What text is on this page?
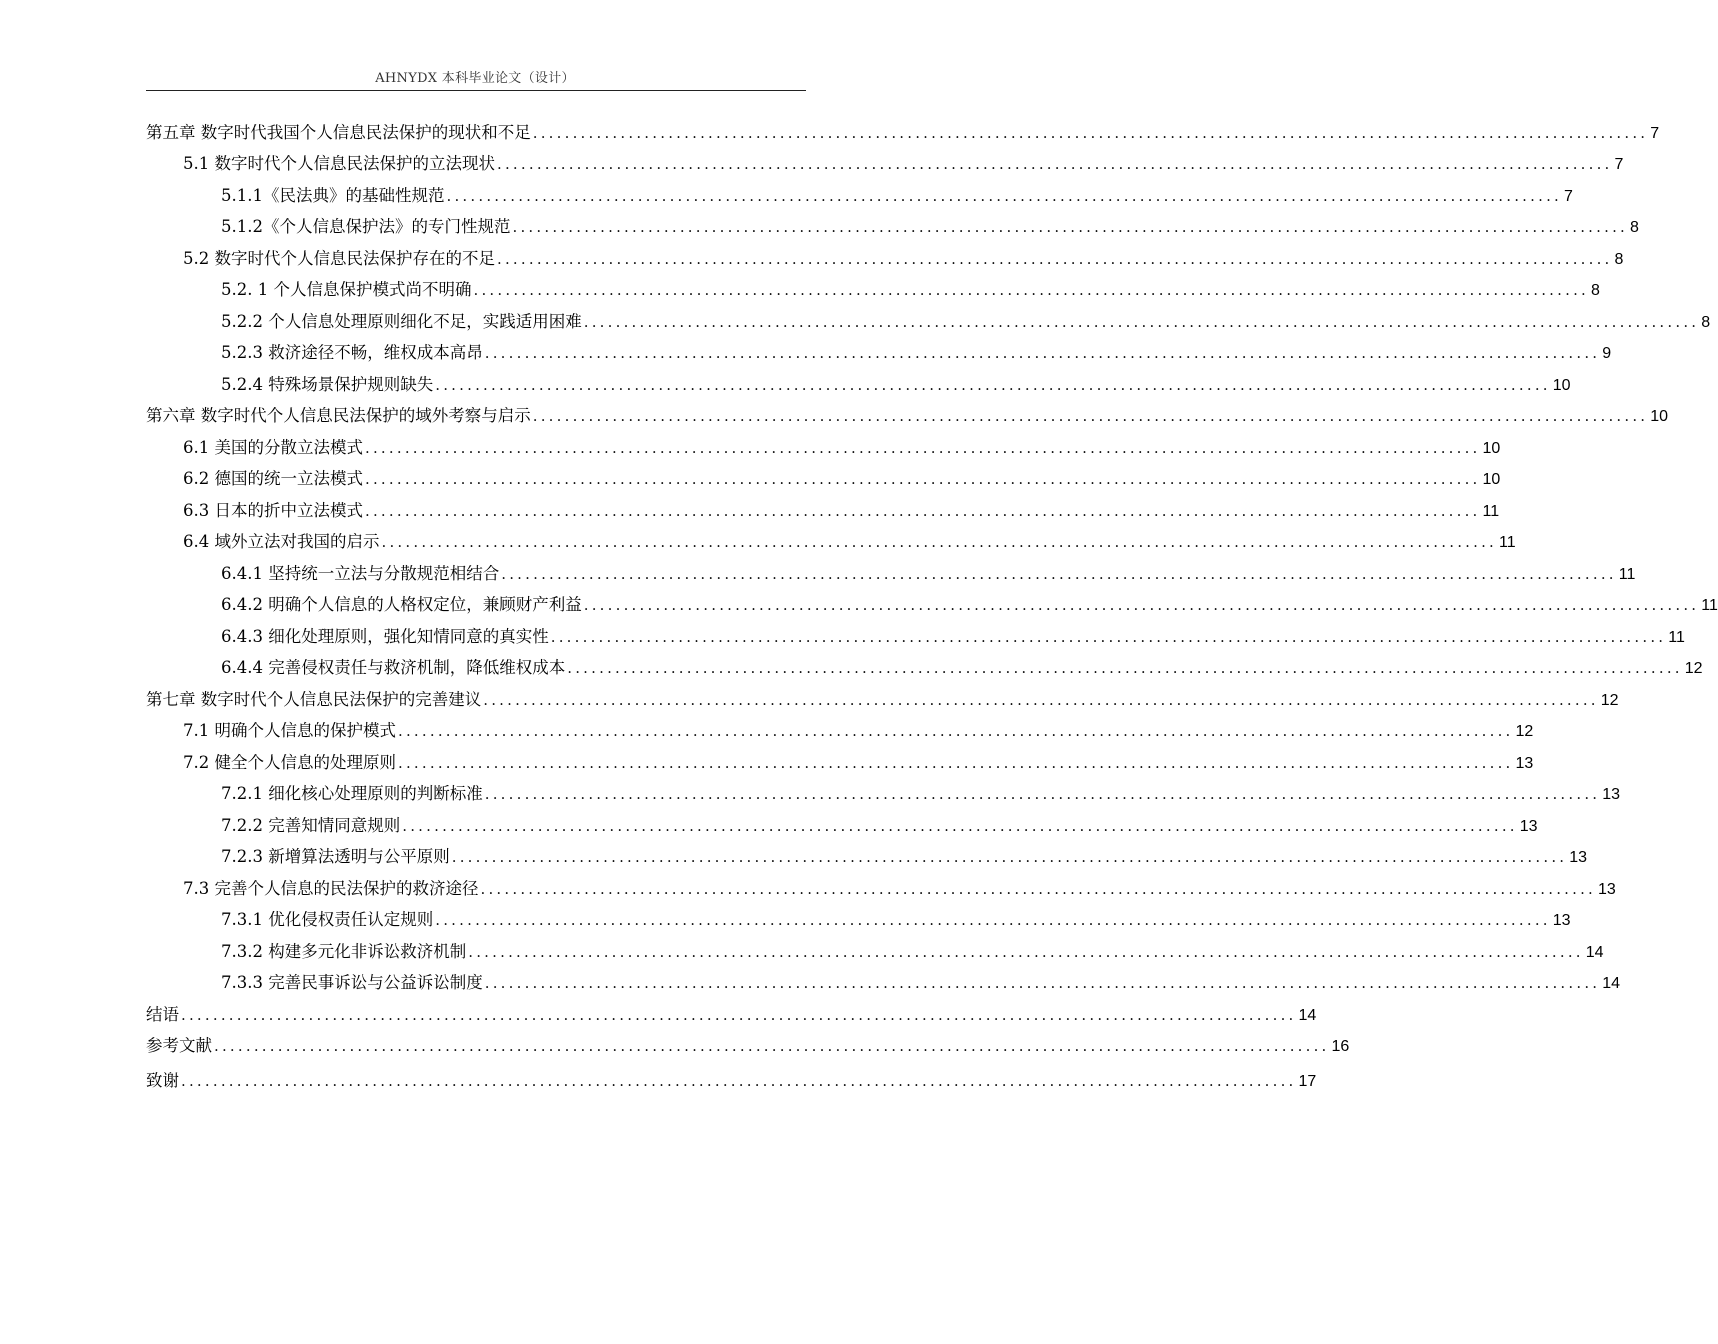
AHNYDX 本科毕业论文（设计）
第五章 数字时代我国个人信息民法保护的现状和不足 ............................................................................................................................................ 7
5.1 数字时代个人信息民法保护的立法现状 ............................................................................................................................................ 7
5.1.1《民法典》的基础性规范 ............................................................................................................................................ 7
5.1.2《个人信息保护法》的专门性规范 ............................................................................................................................................ 8
5.2 数字时代个人信息民法保护存在的不足 ............................................................................................................................................ 8
5.2. 1 个人信息保护模式尚不明确 ............................................................................................................................................ 8
5.2.2 个人信息处理原则细化不足，实践适用困难 ............................................................................................................................................ 8
5.2.3 救济途径不畅，维权成本高昂 ............................................................................................................................................ 9
5.2.4 特殊场景保护规则缺失 ............................................................................................................................................ 10
第六章 数字时代个人信息民法保护的域外考察与启示 ............................................................................................................................................ 10
6.1 美国的分散立法模式 ............................................................................................................................................ 10
6.2 德国的统一立法模式 ............................................................................................................................................ 10
6.3 日本的折中立法模式 ............................................................................................................................................ 11
6.4 域外立法对我国的启示 ............................................................................................................................................ 11
6.4.1 坚持统一立法与分散规范相结合 ............................................................................................................................................ 11
6.4.2 明确个人信息的人格权定位，兼顾财产利益 ............................................................................................................................................ 11
6.4.3 细化处理原则，强化知情同意的真实性 ............................................................................................................................................ 11
6.4.4 完善侵权责任与救济机制，降低维权成本 ............................................................................................................................................ 12
第七章 数字时代个人信息民法保护的完善建议 ............................................................................................................................................ 12
7.1 明确个人信息的保护模式 ............................................................................................................................................ 12
7.2 健全个人信息的处理原则 ............................................................................................................................................ 13
7.2.1 细化核心处理原则的判断标准 ............................................................................................................................................ 13
7.2.2 完善知情同意规则 ............................................................................................................................................ 13
7.2.3 新增算法透明与公平原则 ............................................................................................................................................ 13
7.3 完善个人信息的民法保护的救济途径 ............................................................................................................................................ 13
7.3.1 优化侵权责任认定规则 ............................................................................................................................................ 13
7.3.2 构建多元化非诉讼救济机制 ............................................................................................................................................ 14
7.3.3 完善民事诉讼与公益诉讼制度 ............................................................................................................................................ 14
结语 ............................................................................................................................................ 14
参考文献 ............................................................................................................................................ 16
致谢 ............................................................................................................................................ 17
